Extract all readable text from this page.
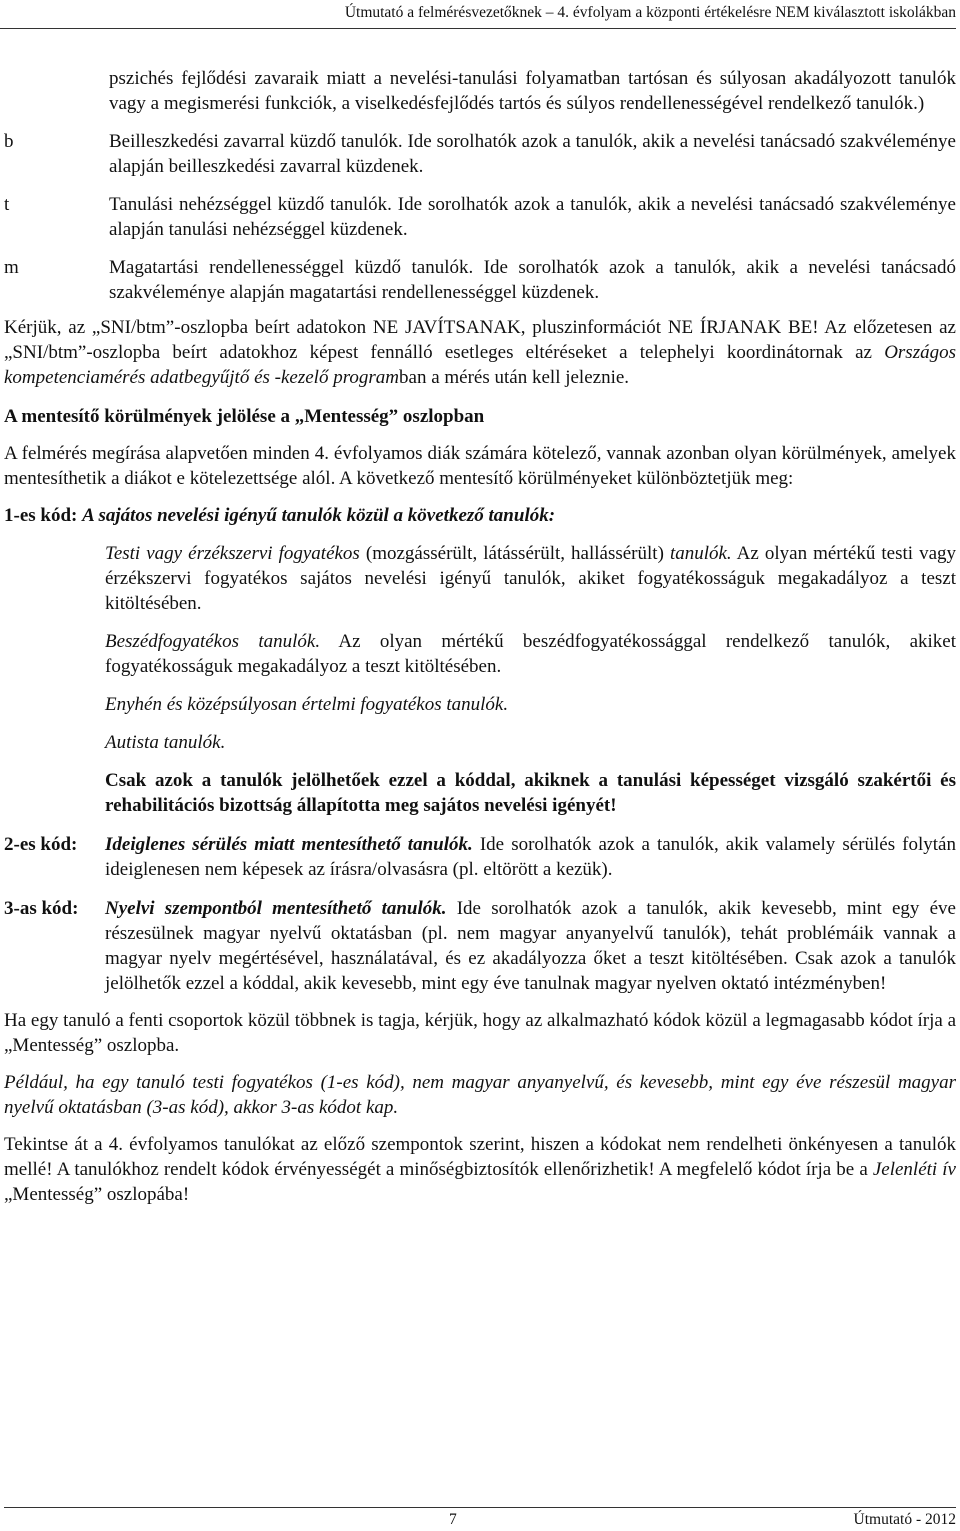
Útmutató a felmérésvezetőknek – 4. évfolyam a központi értékelésre NEM kiválasztott iskolákban

pszichés fejlődési zavaraik miatt a nevelési-tanulási folyamatban tartósan és súlyosan akadályozott tanulók vagy a megismerési funkciók, a viselkedésfejlődés tartós és súlyos rendellenességével rendelkező tanulók.)

b	Beilleszkedési zavarral küzdő tanulók. Ide sorolhatók azok a tanulók, akik a nevelési tanácsadó szakvéleménye alapján beilleszkedési zavarral küzdenek.
t	Tanulási nehézséggel küzdő tanulók. Ide sorolhatók azok a tanulók, akik a nevelési tanácsadó szakvéleménye alapján tanulási nehézséggel küzdenek.
m	Magatartási rendellenességgel küzdő tanulók. Ide sorolhatók azok a tanulók, akik a nevelési tanácsadó szakvéleménye alapján magatartási rendellenességgel küzdenek.

Kérjük, az „SNI/btm”-oszlopba beírt adatokon NE JAVÍTSANAK, pluszinformációt NE ÍRJANAK BE! Az előzetesen az „SNI/btm”-oszlopba beírt adatokhoz képest fennálló esetleges eltéréseket a telephelyi koordinátornak az Országos kompetenciamérés adatbegyűjtő és -kezelő programban a mérés után kell jeleznie.

A mentesítő körülmények jelölése a „Mentesség” oszlopban

A felmérés megírása alapvetően minden 4. évfolyamos diák számára kötelező, vannak azonban olyan körülmények, amelyek mentesíthetik a diákot e kötelezettsége alól. A következő mentesítő körülményeket különböztetjük meg:

1-es kód: A sajátos nevelési igényű tanulók közül a következő tanulók:

Testi vagy érzékszervi fogyatékos (mozgássérült, látássérült, hallássérült) tanulók. Az olyan mértékű testi vagy érzékszervi fogyatékos sajátos nevelési igényű tanulók, akiket fogyatékosságuk megakadályoz a teszt kitöltésében.

Beszédfogyatékos tanulók. Az olyan mértékű beszédfogyatékossággal rendelkező tanulók, akiket fogyatékosságuk megakadályoz a teszt kitöltésében.

Enyhén és középsúlyosan értelmi fogyatékos tanulók.

Autista tanulók.

Csak azok a tanulók jelölhetőek ezzel a kóddal, akiknek a tanulási képességet vizsgáló szakértői és rehabilitációs bizottság állapította meg sajátos nevelési igényét!

2-es kód:	Ideiglenes sérülés miatt mentesíthető tanulók. Ide sorolhatók azok a tanulók, akik valamely sérülés folytán ideiglenesen nem képesek az írásra/olvasásra (pl. eltörött a kezük).
3-as kód:	Nyelvi szempontból mentesíthető tanulók. Ide sorolhatók azok a tanulók, akik kevesebb, mint egy éve részesülnek magyar nyelvű oktatásban (pl. nem magyar anyanyelvű tanulók), tehát problémáik vannak a magyar nyelv megértésével, használatával, és ez akadályozza őket a teszt kitöltésében. Csak azok a tanulók jelölhetők ezzel a kóddal, akik kevesebb, mint egy éve tanulnak magyar nyelven oktató intézményben!

Ha egy tanuló a fenti csoportok közül többnek is tagja, kérjük, hogy az alkalmazható kódok közül a legmagasabb kódot írja a „Mentesség” oszlopba.

Például, ha egy tanuló testi fogyatékos (1-es kód), nem magyar anyanyelvű, és kevesebb, mint egy éve részesül magyar nyelvű oktatásban (3-as kód), akkor 3-as kódot kap.

Tekintse át a 4. évfolyamos tanulókat az előző szempontok szerint, hiszen a kódokat nem rendelheti önkényesen a tanulók mellé! A tanulókhoz rendelt kódok érvényességét a minőségbiztosítók ellenőrizhetik! A megfelelő kódot írja be a Jelenléti ív „Mentesség” oszlopába!

7	Útmutató - 2012
